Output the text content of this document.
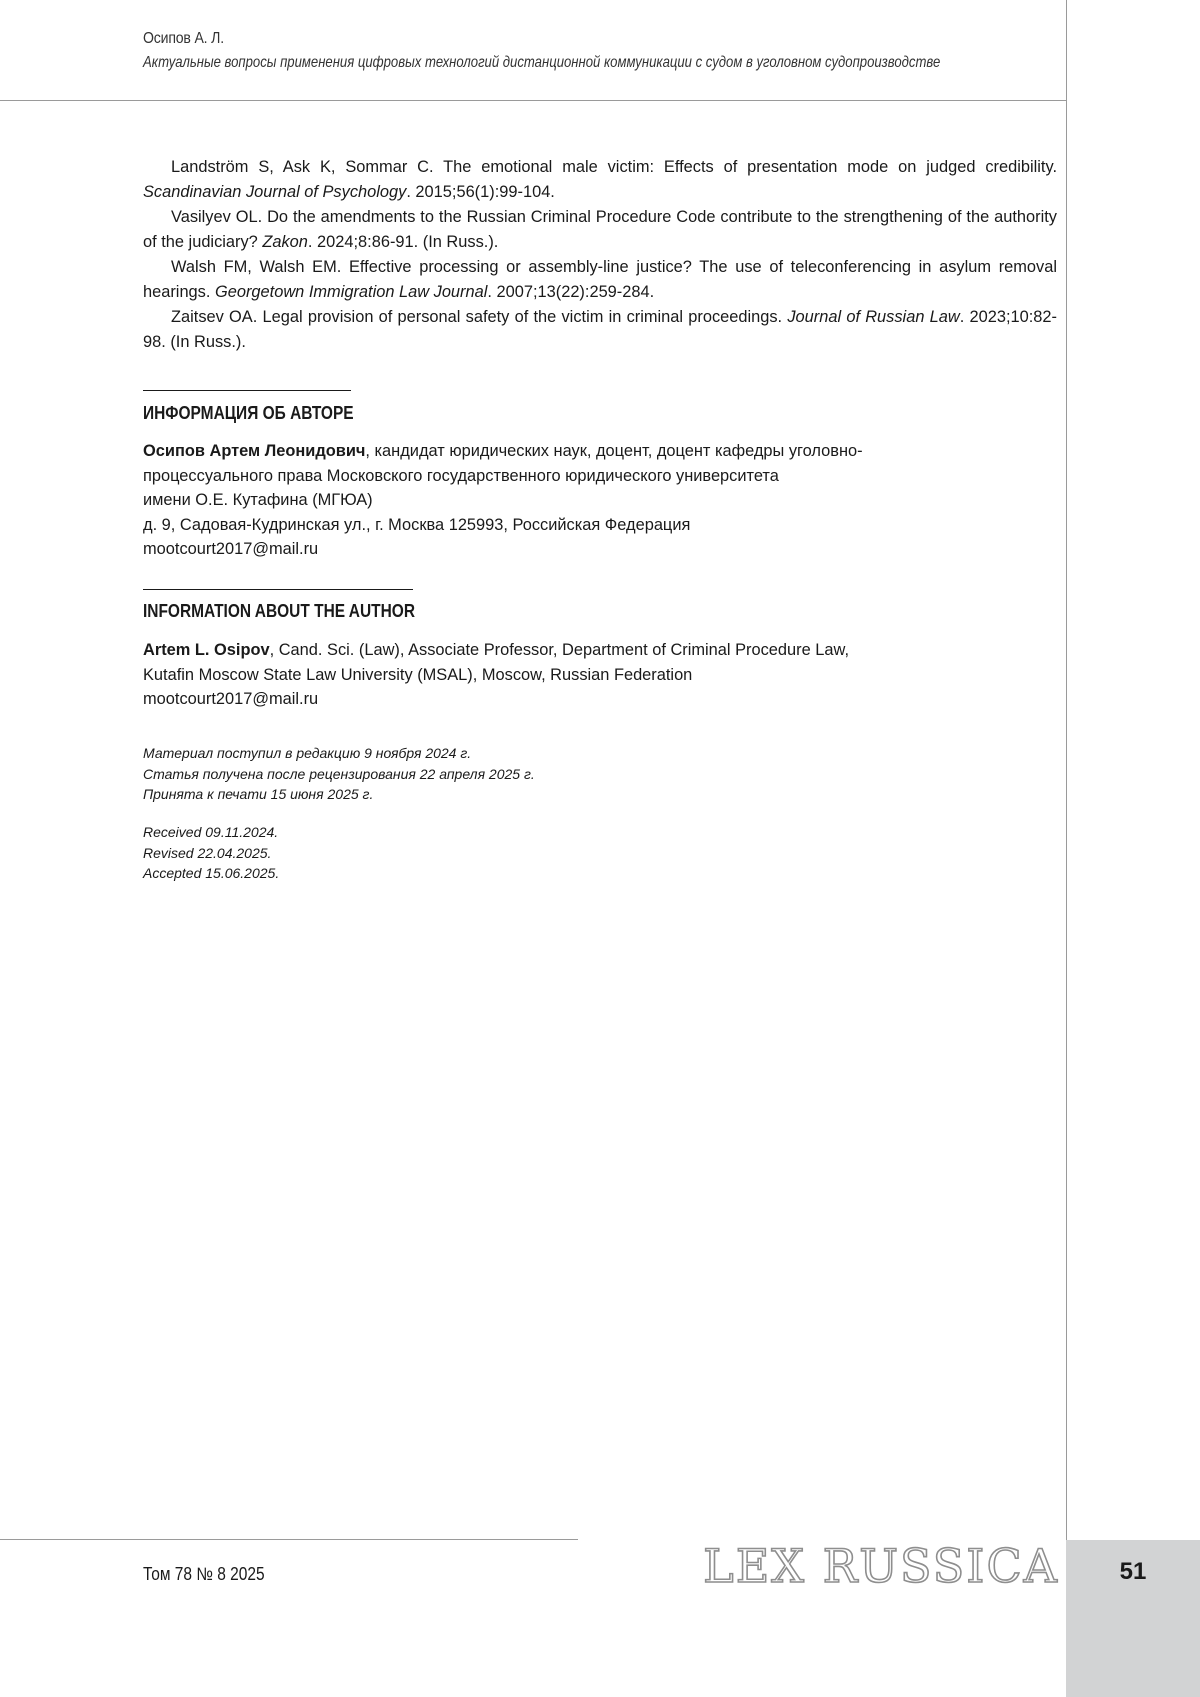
51
Осипов А. Л.
Актуальные вопросы применения цифровых технологий дистанционной коммуникации с судом в уголовном судопроизводстве

Landström S, Ask K, Sommar C. The emotional male victim: Effects of presentation mode on judged credibility. Scandinavian Journal of Psychology. 2015;56(1):99-104.

Vasilyev OL. Do the amendments to the Russian Criminal Procedure Code contribute to the strengthening of the authority of the judiciary? Zakon. 2024;8:86-91. (In Russ.).

Walsh FM, Walsh EM. Effective processing or assembly-line justice? The use of teleconferencing in asylum removal hearings. Georgetown Immigration Law Journal. 2007;13(22):259-284.

Zaitsev OA. Legal provision of personal safety of the victim in criminal proceedings. Journal of Russian Law. 2023;10:82-98. (In Russ.).

ИНФОРМАЦИЯ ОБ АВТОРЕ
Осипов Артем Леонидович, кандидат юридических наук, доцент, доцент кафедры уголовно-
процессуального права Московского государственного юридического университета
имени О.Е. Кутафина (МГЮА)
д. 9, Садовая-Кудринская ул., г. Москва 125993, Российская Федерация
mootcourt2017@mail.ru
INFORMATION ABOUT THE AUTHOR
Artem L. Osipov, Cand. Sci. (Law), Associate Professor, Department of Criminal Procedure Law,
Kutafin Moscow State Law University (MSAL), Moscow, Russian Federation
mootcourt2017@mail.ru
Материал поступил в редакцию 9 ноября 2024 г.
Статья получена после рецензирования 22 апреля 2025 г.
Принята к печати 15 июня 2025 г.
Received 09.11.2024.
Revised 22.04.2025.
Accepted 15.06.2025.
Том 78 № 8 2025	LEX RUSSICA
